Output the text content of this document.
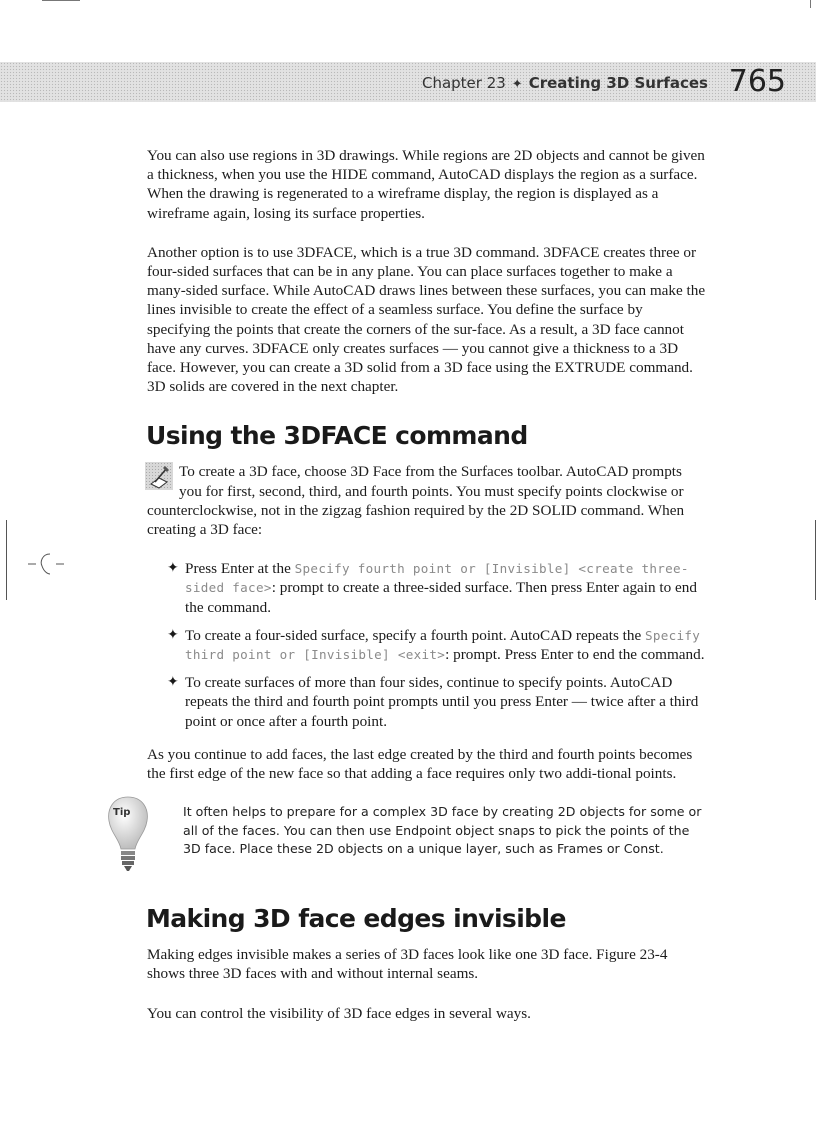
Chapter 23 ✦ Creating 3D Surfaces 765

You can also use regions in 3D drawings. While regions are 2D objects and cannot be given a thickness, when you use the HIDE command, AutoCAD displays the region as a surface. When the drawing is regenerated to a wireframe display, the region is displayed as a wireframe again, losing its surface properties.

Another option is to use 3DFACE, which is a true 3D command. 3DFACE creates three or four-sided surfaces that can be in any plane. You can place surfaces together to make a many-sided surface. While AutoCAD draws lines between these surfaces, you can make the lines invisible to create the effect of a seamless surface. You define the surface by specifying the points that create the corners of the sur-face. As a result, a 3D face cannot have any curves. 3DFACE only creates surfaces — you cannot give a thickness to a 3D face. However, you can create a 3D solid from a 3D face using the EXTRUDE command. 3D solids are covered in the next chapter.

Using the 3DFACE command

To create a 3D face, choose 3D Face from the Surfaces toolbar. AutoCAD prompts you for first, second, third, and fourth points. You must specify points clockwise or counterclockwise, not in the zigzag fashion required by the 2D SOLID command. When creating a 3D face:

✦ Press Enter at the Specify fourth point or [Invisible] <create three-sided face>: prompt to create a three-sided surface. Then press Enter again to end the command.
✦ To create a four-sided surface, specify a fourth point. AutoCAD repeats the Specify third point or [Invisible] <exit>: prompt. Press Enter to end the command.
✦ To create surfaces of more than four sides, continue to specify points. AutoCAD repeats the third and fourth point prompts until you press Enter — twice after a third point or once after a fourth point.

As you continue to add faces, the last edge created by the third and fourth points becomes the first edge of the new face so that adding a face requires only two addi-tional points.

Tip	It often helps to prepare for a complex 3D face by creating 2D objects for some or all of the faces. You can then use Endpoint object snaps to pick the points of the 3D face. Place these 2D objects on a unique layer, such as Frames or Const.
Making 3D face edges invisible

Making edges invisible makes a series of 3D faces look like one 3D face. Figure 23-4 shows three 3D faces with and without internal seams.

You can control the visibility of 3D face edges in several ways.
